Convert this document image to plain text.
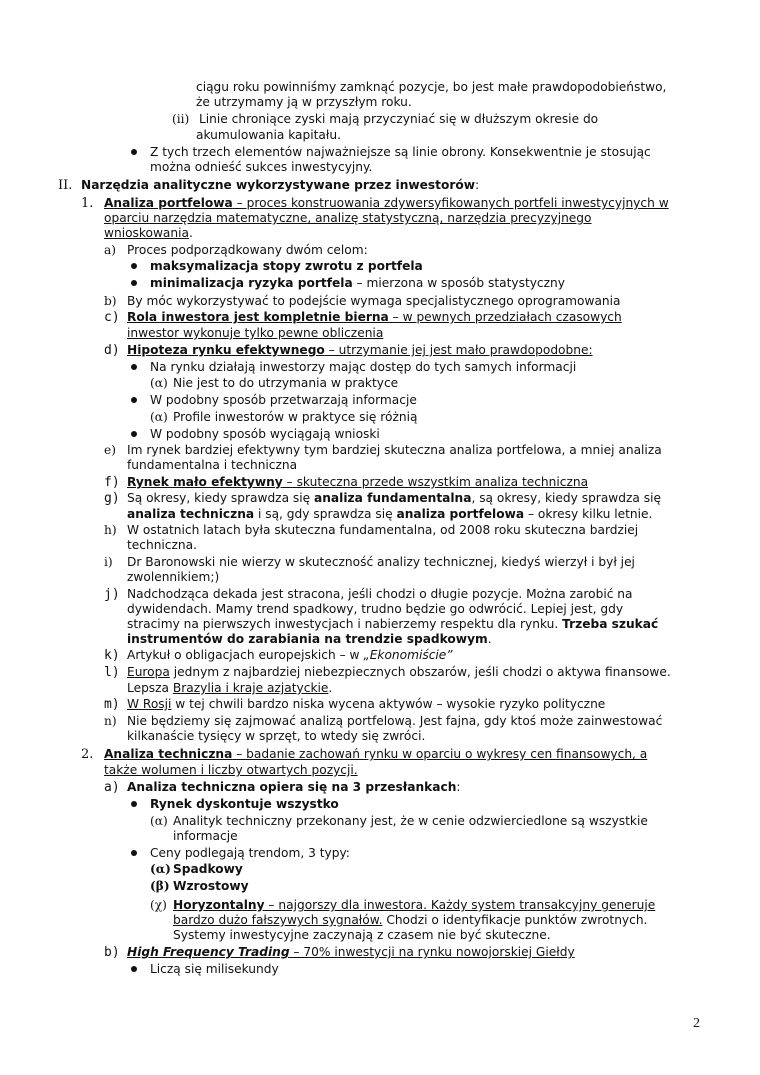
ciągu roku powinniśmy zamknąć pozycje, bo jest małe prawdopodobieństwo,
że utrzymamy ją w przyszłym roku.
(ii) Linie chroniące zyski mają przyczyniać się w dłuższym okresie do
akumulowania kapitału.
Z tych trzech elementów najważniejsze są linie obrony. Konsekwentnie je stosując
można odnieść sukces inwestycyjny.
II. Narzędzia analityczne wykorzystywane przez inwestorów:
1. Analiza portfelowa – proces konstruowania zdywersyfikowanych portfeli inwestycyjnych w
oparciu narzędzia matematyczne, analizę statystyczną, narzędzia precyzyjnego
wnioskowania.
a) Proces podporządkowany dwóm celom:
maksymalizacja stopy zwrotu z portfela
minimalizacja ryzyka portfela – mierzona w sposób statystyczny
b) By móc wykorzystywać to podejście wymaga specjalistycznego oprogramowania
c) Rola inwestora jest kompletnie bierna – w pewnych przedziałach czasowych
inwestor wykonuje tylko pewne obliczenia
d) Hipoteza rynku efektywnego – utrzymanie jej jest mało prawdopodobne:
Na rynku działają inwestorzy mając dostęp do tych samych informacji
(α) Nie jest to do utrzymania w praktyce
W podobny sposób przetwarzają informacje
(α) Profile inwestorów w praktyce się różnią
W podobny sposób wyciągają wnioski
e) Im rynek bardziej efektywny tym bardziej skuteczna analiza portfelowa, a mniej analiza
fundamentalna i techniczna
f) Rynek mało efektywny – skuteczna przede wszystkim analiza techniczna
g) Są okresy, kiedy sprawdza się analiza fundamentalna, są okresy, kiedy sprawdza się
analiza techniczna i są, gdy sprawdza się analiza portfelowa – okresy kilku letnie.
h) W ostatnich latach była skuteczna fundamentalna, od 2008 roku skuteczna bardziej
techniczna.
i) Dr Baronowski nie wierzy w skuteczność analizy technicznej, kiedyś wierzył i był jej
zwolennikiem;)
j) Nadchodząca dekada jest stracona, jeśli chodzi o długie pozycje. Można zarobić na
dywidendach. Mamy trend spadkowy, trudno będzie go odwrócić. Lepiej jest, gdy
stracimy na pierwszych inwestycjach i nabierzemy respektu dla rynku. Trzeba szukać
instrumentów do zarabiania na trendzie spadkowym.
k) Artykuł o obligacjach europejskich – w „Ekonomiście”
l) Europa jednym z najbardziej niebezpiecznych obszarów, jeśli chodzi o aktywa finansowe.
Lepsza Brazylia i kraje azjatyckie.
m) W Rosji w tej chwili bardzo niska wycena aktywów – wysokie ryzyko polityczne
n) Nie będziemy się zajmować analizą portfelową. Jest fajna, gdy ktoś może zainwestować
kilkanaście tysięcy w sprzęt, to wtedy się zwróci.
2. Analiza techniczna – badanie zachowań rynku w oparciu o wykresy cen finansowych, a
także wolumen i liczby otwartych pozycji.
a) Analiza techniczna opiera się na 3 przesłankach:
Rynek dyskontuje wszystko
(α) Analityk techniczny przekonany jest, że w cenie odzwierciedlone są wszystkie
informacje
Ceny podlegają trendom, 3 typy:
(α) Spadkowy
(β) Wzrostowy
(χ) Horyzontalny – najgorszy dla inwestora. Każdy system transakcyjny generuje
bardzo dużo fałszywych sygnałów. Chodzi o identyfikacje punktów zwrotnych.
Systemy inwestycyjne zaczynają z czasem nie być skuteczne.
b) High Frequency Trading – 70% inwestycji na rynku nowojorskiej Giełdy
Liczą się milisekundy
2
